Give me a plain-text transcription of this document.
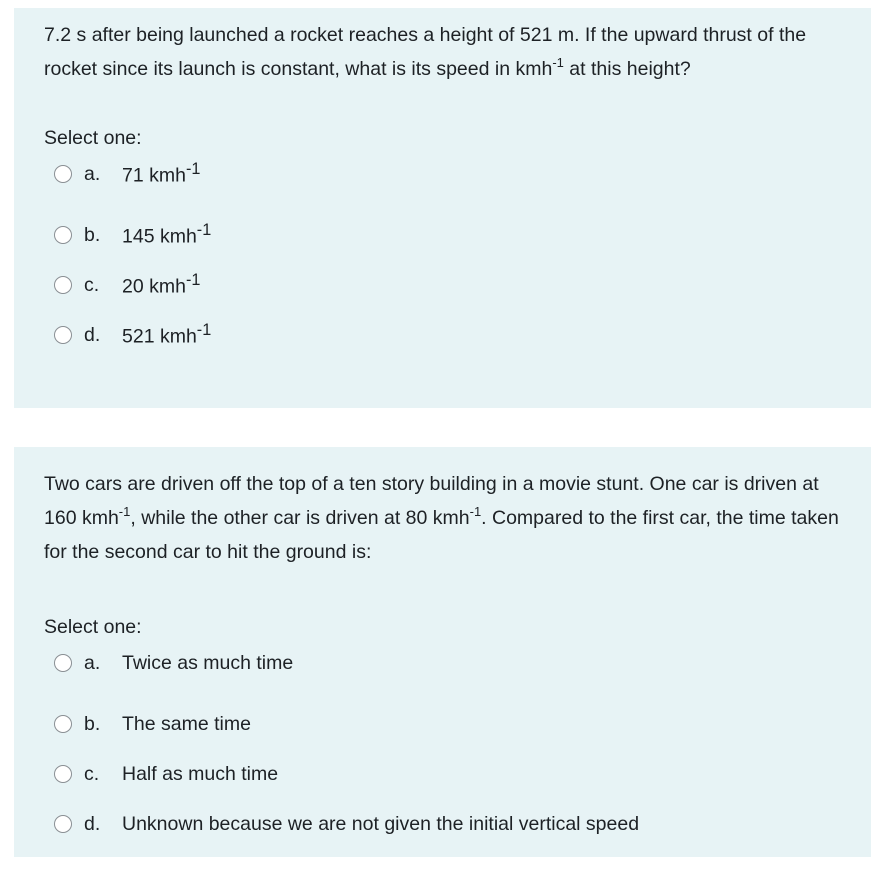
7.2 s after being launched a rocket reaches a height of 521 m. If the upward thrust of the rocket since its launch is constant, what is its speed in kmh$^{-1}$ at this height?

Select one:

a.	71 kmh$^{-1}$
b.	145 kmh$^{-1}$
c.	20 kmh$^{-1}$
d.	521 kmh$^{-1}$

Two cars are driven off the top of a ten story building in a movie stunt. One car is driven at 160 kmh$^{-1}$, while the other car is driven at 80 kmh$^{-1}$. Compared to the first car, the time taken for the second car to hit the ground is:

Select one:

a.	Twice as much time
b.	The same time
c.	Half as much time
d.	Unknown because we are not given the initial vertical speed
